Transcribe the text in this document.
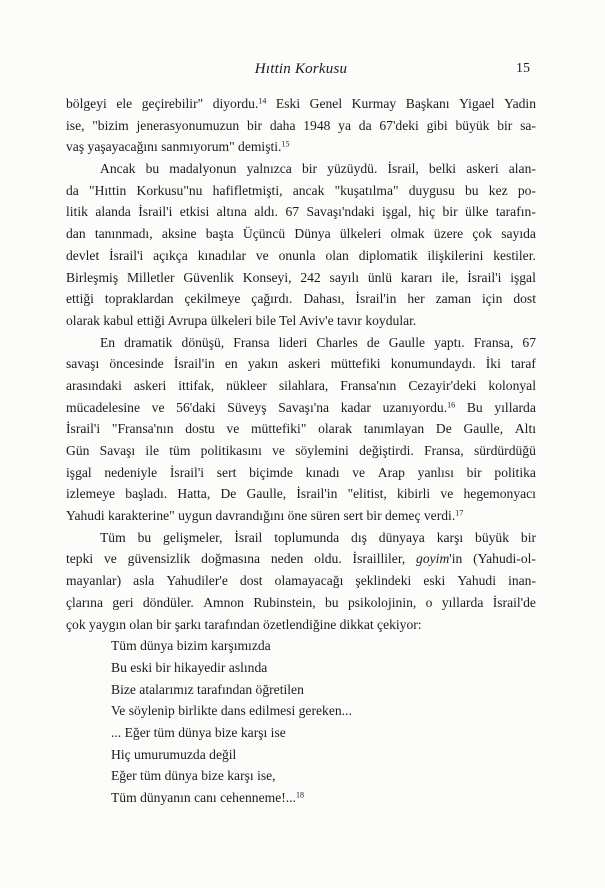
15
Hıttin Korkusu
bölgeyi ele geçirebilir" diyordu.$^{14}$ Eski Genel Kurmay Başkanı Yigael Yadin
ise, "bizim jenerasyonumuzun bir daha 1948 ya da 67'deki gibi büyük bir sa-
vaş yaşayacağını sanmıyorum" demişti.$^{15}$
Ancak bu madalyonun yalnızca bir yüzüydü. İsrail, belki askeri alan-
da "Hıttin Korkusu"nu hafifletmişti, ancak "kuşatılma" duygusu bu kez po-
litik alanda İsrail'i etkisi altına aldı. 67 Savaşı'ndaki işgal, hiç bir ülke tarafın-
dan tanınmadı, aksine başta Üçüncü Dünya ülkeleri olmak üzere çok sayıda
devlet İsrail'i açıkça kınadılar ve onunla olan diplomatik ilişkilerini kestiler.
Birleşmiş Milletler Güvenlik Konseyi, 242 sayılı ünlü kararı ile, İsrail'i işgal
ettiği topraklardan çekilmeye çağırdı. Dahası, İsrail'in her zaman için dost
olarak kabul ettiği Avrupa ülkeleri bile Tel Aviv'e tavır koydular.
En dramatik dönüşü, Fransa lideri Charles de Gaulle yaptı. Fransa, 67
savaşı öncesinde İsrail'in en yakın askeri müttefiki konumundaydı. İki taraf
arasındaki askeri ittifak, nükleer silahlara, Fransa'nın Cezayir'deki kolonyal
mücadelesine ve 56'daki Süveyş Savaşı'na kadar uzanıyordu.$^{16}$ Bu yıllarda
İsrail'i "Fransa'nın dostu ve müttefiki" olarak tanımlayan De Gaulle, Altı
Gün Savaşı ile tüm politikasını ve söylemini değiştirdi. Fransa, sürdürdüğü
işgal nedeniyle İsrail'i sert biçimde kınadı ve Arap yanlısı bir politika
izlemeye başladı. Hatta, De Gaulle, İsrail'in "elitist, kibirli ve hegemonyacı
Yahudi karakterine" uygun davrandığını öne süren sert bir demeç verdi.$^{17}$
Tüm bu gelişmeler, İsrail toplumunda dış dünyaya karşı büyük bir
tepki ve güvensizlik doğmasına neden oldu. İsrailliler, goyim'in (Yahudi-ol-
mayanlar) asla Yahudiler'e dost olamayacağı şeklindeki eski Yahudi inan-
çlarına geri döndüler. Amnon Rubinstein, bu psikolojinin, o yıllarda İsrail'de
çok yaygın olan bir şarkı tarafından özetlendiğine dikkat çekiyor:
Tüm dünya bizim karşımızda
Bu eski bir hikayedir aslında
Bize atalarımız tarafından öğretilen
Ve söylenip birlikte dans edilmesi gereken...
... Eğer tüm dünya bize karşı ise
Hiç umurumuzda değil
Eğer tüm dünya bize karşı ise,
Tüm dünyanın canı cehenneme!...$^{18}$
